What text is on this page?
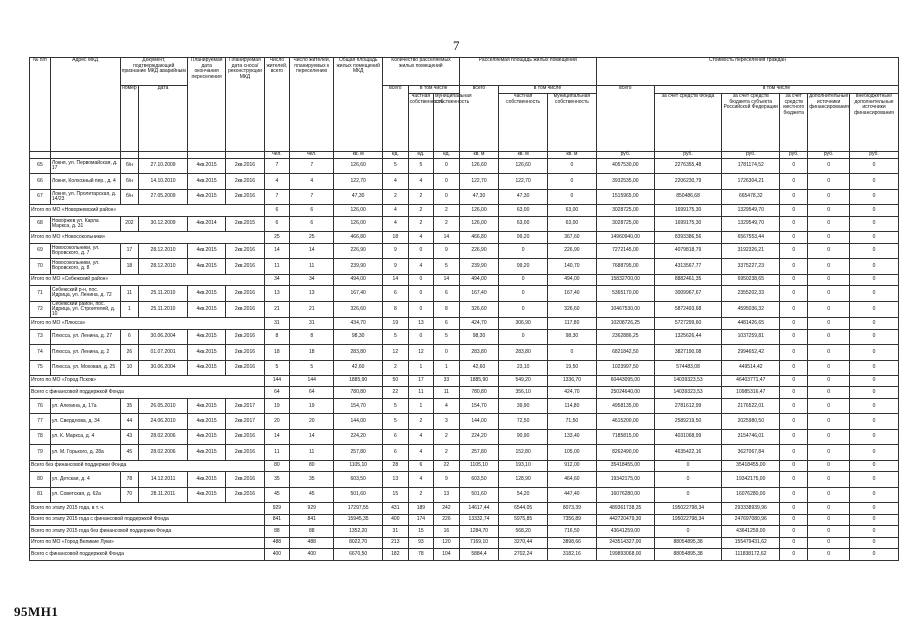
7
№ п/п	Адрес МКД	Документ, подтверждающий признание МКД аварийным		Планируемая дата окончания переселения	Планируемая дата сноса/ реконструкции МКД	Число жителей, всего	Число жителей, планируемых к переселению	Общая площадь жилых помещений МКД	Количество расселяемых жилых помещений			Расселяемая площадь жилых помещений			Стоимость переселения граждан					
		номер	дата						всего	в том числе		всего	в том числе		всего	в том числе				
										частная собственность	муниципальная собственность		частная собственность	муниципальная собственность		за счет средств Фонда	за счет средств бюджета субъекта Российской Федерации	за счет средств местного бюджета	дополнительные источники финансирования	внебюджетные/ дополнительные источники финансирования
						чел.	чел.	кв. м	ед.	ед.	ед.	кв. м	кв. м	кв. м	руб.	руб.	руб.	руб.	руб.	руб.
65	Локня, ул. Первомайская, д. 17	б/н	27.10.2009	4кв.2015	2кв.2016	7	7	126,60	5	5	0	126,60	126,60	0	4057530,00	2276355,48	1781174,52	0	0	0
66	Локня, Колхозный пер., д. 4	б/н	14.10.2010	4кв.2015	2кв.2016	4	4	122,70	4	4	0	122,70	122,70	0	3932535,00	2206230,79	1726304,21	0	0	0
67	Локня, ул. Пролетарская, д. 14/23	б/н	27.05.2009	4кв.2015	2кв.2016	7	7	47,30	2	2	0	47,30	47,30	0	1515965,00	850486,68	665478,32	0	0	0
Итого по МО «Новоржевский район»						6	6	126,00	4	2	2	126,00	63,00	63,00	3028725,00	1699175,30	1329549,70	0	0	0
68	Новоржев ул. Карла Маркса, д. 31	202	30.12.2009	4кв.2014	2кв.2015	6	6	126,00	4	2	2	126,00	63,00	63,00	3028725,00	1699175,30	1329549,70	0	0	0
Итого по МО «Новосокольники»						25	25	466,80	18	4	14	466,80	99,20	367,60	14960940,00	8393386,56	6567553,44	0	0	0
69	Новосокольники, ул. Воровского, д. 7	17	28.12.2010	4кв.2015	2кв.2016	14	14	226,90	9	0	9	226,90	0	226,90	7272145,00	4079818,79	3192326,21	0	0	0
70	Новосокольники, ул. Воровского, д. 8	18	28.12.2010	4кв.2015	2кв.2016	11	11	239,90	9	4	5	239,90	99,20	140,70	7688795,00	4313567,77	3375227,23	0	0	0
Итого по МО «Себежский район»						34	34	494,00	14	0	14	494,00	0	494,00	15832700,00	8882461,35	6950238,65	0	0	0
71	Себежский р-н, пос. Идрица, ул. Ленина, д. 72	11	25.11.2010	4кв.2015	2кв.2016	13	13	167,40	6	0	6	167,40	0	167,40	5365170,00	3009967,67	2355202,33	0	0	0
72	Себежский район, пос. Идрица, ул. Строителей, д. 10	1	25.11.2010	4кв.2015	2кв.2016	21	21	326,60	8	0	8	326,60	0	326,60	10467530,00	5872493,68	4595036,32	0	0	0
Итого по МО «Плюсса»						31	31	434,70	19	13	6	424,70	306,90	117,80	10208726,25	5727299,60	4481426,65	0	0	0
73	Плюсса, ул. Ленина, д. 27	6	30.06.2004	4кв.2015	2кв.2016	8	8	98,30	5	0	5	98,30	0	98,30	2362886,25	1325626,44	1037259,81	0	0	0
74	Плюсса, ул. Ленина, д. 2	26	01.07.2001	4кв.2015	2кв.2016	18	18	283,80	12	12	0	283,80	283,80	0	6821842,50	3827190,08	2994652,42	0	0	0
75	Плюсса, ул. Моховая, д. 25	10	30.06.2004	4кв.2015	2кв.2016	5	5	42,60	2	1	1	42,60	23,10	19,50	1023997,50	574483,08	449514,42	0	0	0
Итого по МО «Город Псков»						144	144	1885,90	50	17	33	1885,90	549,20	1336,70	60443095,00	14039323,53	46403771,47	0	0	0
Всего с финансовой поддержкой Фонда						64	64	780,80	22	11	11	780,80	356,10	424,70	25024640,00	14039323,53	10985316,47	0	0	0
76	ул. Алехина, д. 17а	35	26.05.2010	4кв.2015	2кв.2017	19	19	154,70	5	1	4	154,70	39,90	114,80	4958135,00	2781612,99	2176522,01	0	0	0
77	ул. Свердлова, д. 34	44	24.06.2010	4кв.2015	2кв.2017	20	20	144,00	5	2	3	144,00	72,50	71,50	4615200,00	2589219,50	2025980,50	0	0	0
78	ул. К. Маркса, д. 4	43	28.02.2006	4кв.2015	2кв.2016	14	14	224,20	6	4	2	224,20	90,90	133,40	7185815,00	4031068,99	3154746,01	0	0	0
79	ул. М. Горького, д. 28а	45	28.02.2006	4кв.2015	2кв.2016	11	11	257,80	6	4	2	257,80	152,80	105,00	8262490,00	4635422,16	3627067,84	0	0	0
Всего без финансовой поддержки Фонда						80	80	1105,10	28	6	22	1105,10	193,10	912,00	35418455,00	0	35418455,00	0	0	0
80	ул. Детская, д. 4	78	14.12.2011	4кв.2015	2кв.2016	35	35	603,50	13	4	9	603,50	128,90	464,60	19342175,00	0	19342175,00	0	0	0
81	ул. Советская, д. 62а	70	28.11.2011	4кв.2015	2кв.2016	45	45	501,60	15	2	13	501,60	54,20	447,40	16076280,00	0	16076280,00	0	0	0
Всего по этапу 2015 года, в т. ч.						929	929	17297,55	431	189	242	14617,44	6544,05	8073,39	489361738,35	195022798,34	293338939,96	0	0	0
Всего по этапу 2015 года с финансовой поддержкой Фонда						841	841	15945,35	400	174	226	13332,74	5975,85	7356,89	442720479,30	195022798,34	247697080,96	0	0	0
Всего по этапу 2015 года без финансовой поддержки Фонда						88	88	1352,20	31	15	16	1284,70	568,20	716,50	43641259,00	0	43641259,00	0	0	0
Итого по МО «Город Великие Луки»						488	488	8022,70	213	93	120	7169,10	3270,44	3898,66	243514327,00	88054895,38	155479431,62	0	0	0
Всего с финансовой поддержкой Фонда						400	400	6670,50	182	78	104	5884,4	2702,24	3182,16	199893068,00	88054895,38	111838172,62	0	0	0
95МН1
